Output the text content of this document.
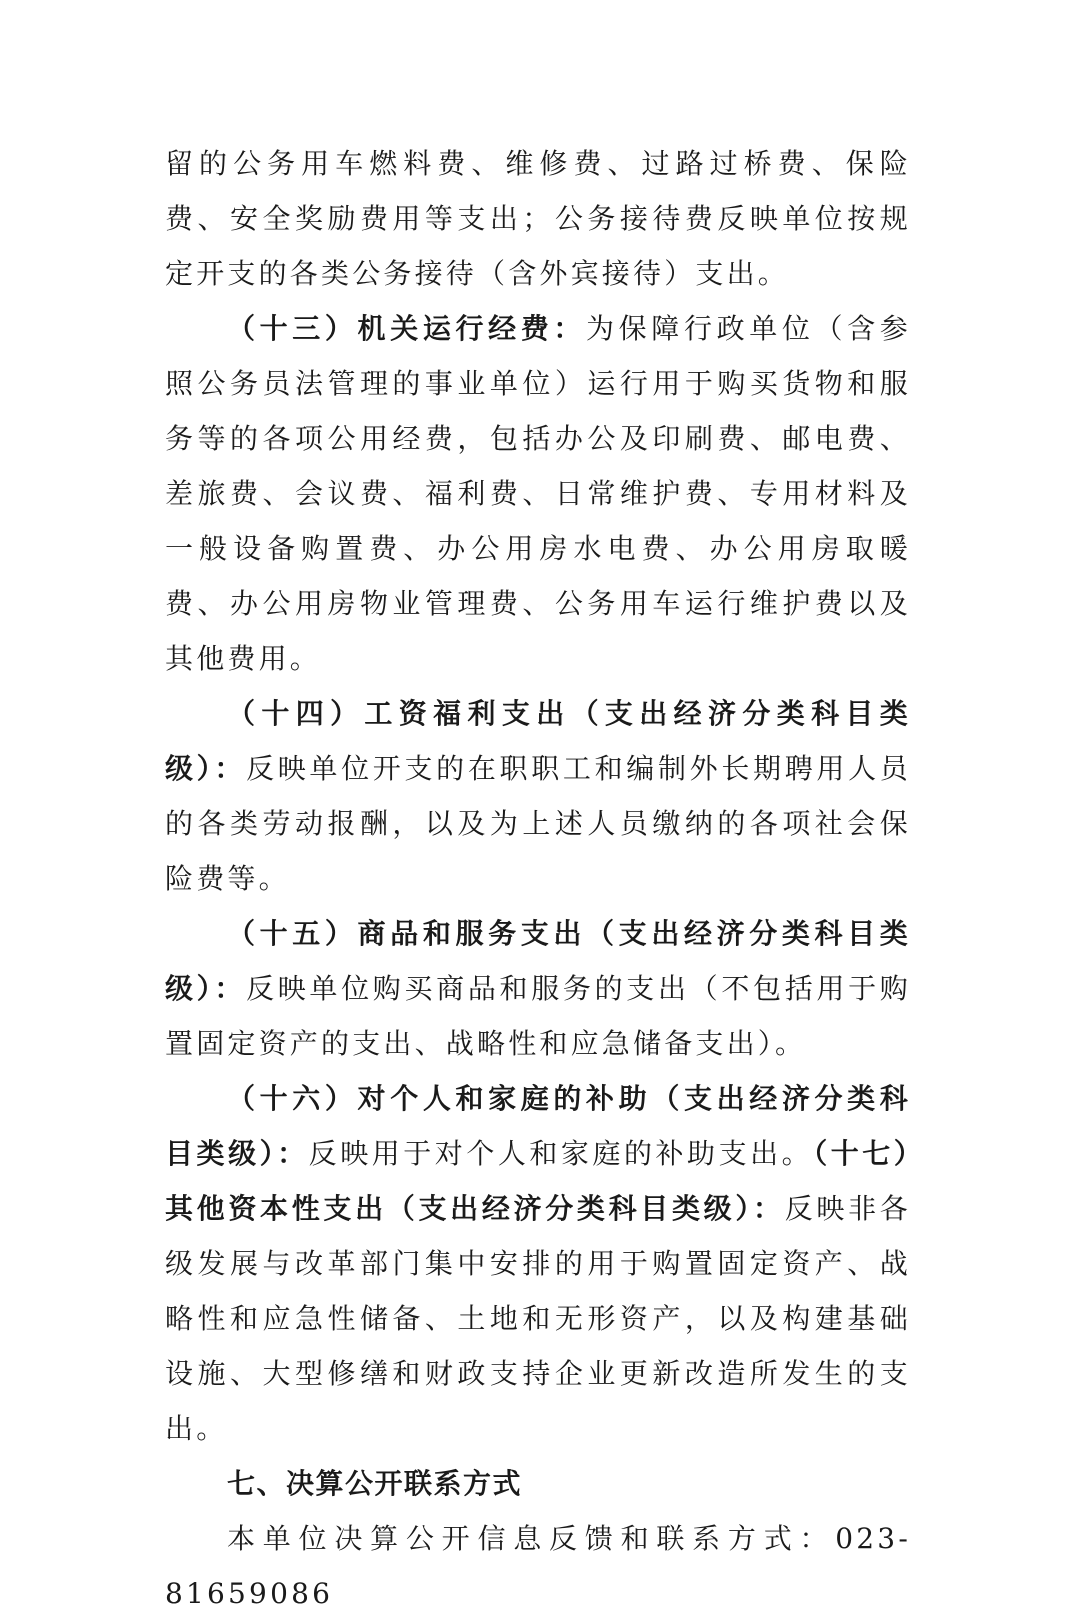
留的公务用车燃料费、维修费、过路过桥费、保险费、安全奖励费用等支出；公务接待费反映单位按规定开支的各类公务接待（含外宾接待）支出。

（十三）机关运行经费：为保障行政单位（含参照公务员法管理的事业单位）运行用于购买货物和服务等的各项公用经费，包括办公及印刷费、邮电费、差旅费、会议费、福利费、日常维护费、专用材料及一般设备购置费、办公用房水电费、办公用房取暖费、办公用房物业管理费、公务用车运行维护费以及其他费用。

（十四）工资福利支出（支出经济分类科目类级）：反映单位开支的在职职工和编制外长期聘用人员的各类劳动报酬，以及为上述人员缴纳的各项社会保险费等。

（十五）商品和服务支出（支出经济分类科目类级）：反映单位购买商品和服务的支出（不包括用于购置固定资产的支出、战略性和应急储备支出）。

（十六）对个人和家庭的补助（支出经济分类科目类级）：反映用于对个人和家庭的补助支出。（十七）其他资本性支出（支出经济分类科目类级）：反映非各级发展与改革部门集中安排的用于购置固定资产、战略性和应急性储备、土地和无形资产，以及构建基础设施、大型修缮和财政支持企业更新改造所发生的支出。

七、决算公开联系方式

本单位决算公开信息反馈和联系方式：023-81659086
